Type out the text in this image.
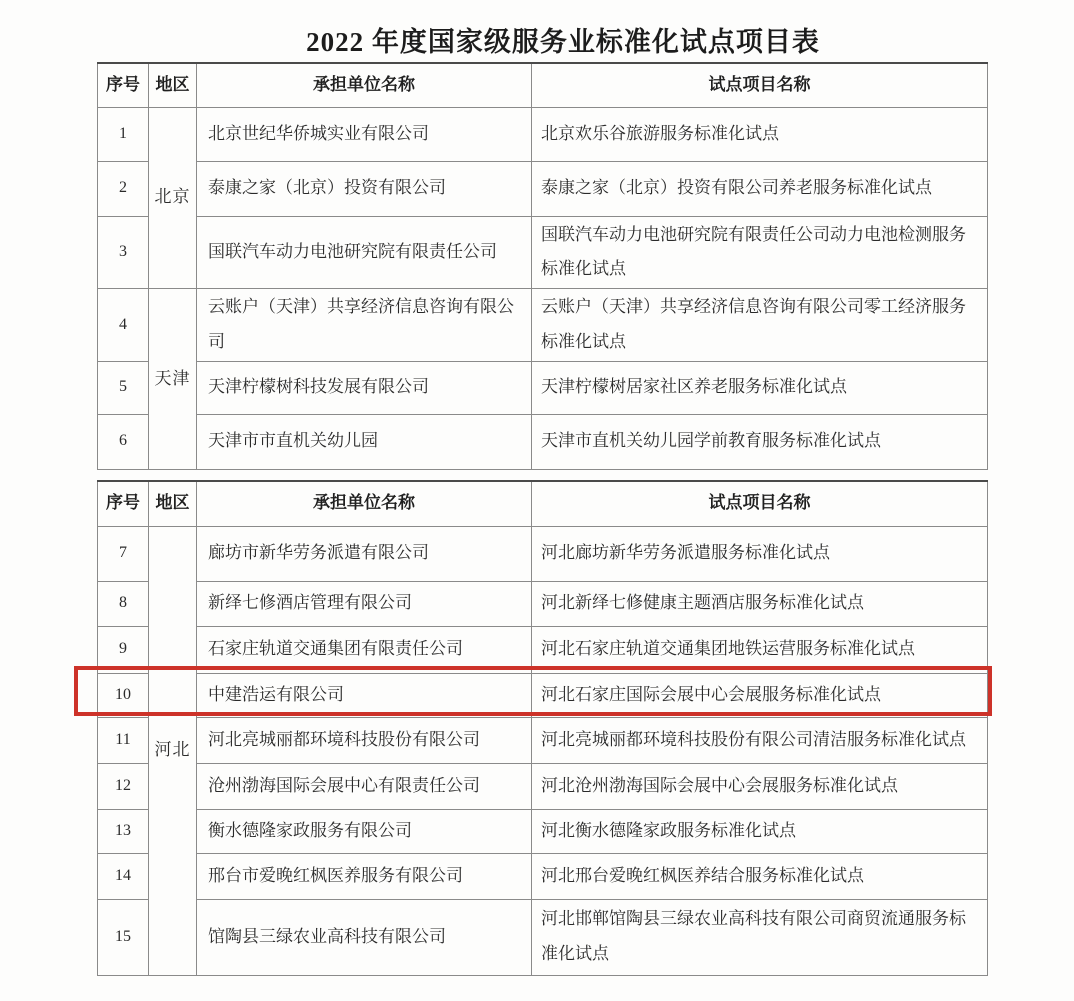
2022 年度国家级服务业标准化试点项目表
序号	地区	承担单位名称	试点项目名称
1	北京	北京世纪华侨城实业有限公司	北京欢乐谷旅游服务标准化试点
2		泰康之家（北京）投资有限公司	泰康之家（北京）投资有限公司养老服务标准化试点
3		国联汽车动力电池研究院有限责任公司	国联汽车动力电池研究院有限责任公司动力电池检测服务标准化试点
4	天津	云账户（天津）共享经济信息咨询有限公司	云账户（天津）共享经济信息咨询有限公司零工经济服务标准化试点
5		天津柠檬树科技发展有限公司	天津柠檬树居家社区养老服务标准化试点
6		天津市市直机关幼儿园	天津市直机关幼儿园学前教育服务标准化试点
序号	地区	承担单位名称	试点项目名称
7	河北	廊坊市新华劳务派遣有限公司	河北廊坊新华劳务派遣服务标准化试点
8		新绎七修酒店管理有限公司	河北新绎七修健康主题酒店服务标准化试点
9		石家庄轨道交通集团有限责任公司	河北石家庄轨道交通集团地铁运营服务标准化试点
10		中建浩运有限公司	河北石家庄国际会展中心会展服务标准化试点
11		河北亮城丽都环境科技股份有限公司	河北亮城丽都环境科技股份有限公司清洁服务标准化试点
12		沧州渤海国际会展中心有限责任公司	河北沧州渤海国际会展中心会展服务标准化试点
13		衡水德隆家政服务有限公司	河北衡水德隆家政服务标准化试点
14		邢台市爱晚红枫医养服务有限公司	河北邢台爱晚红枫医养结合服务标准化试点
15		馆陶县三绿农业高科技有限公司	河北邯郸馆陶县三绿农业高科技有限公司商贸流通服务标准化试点
